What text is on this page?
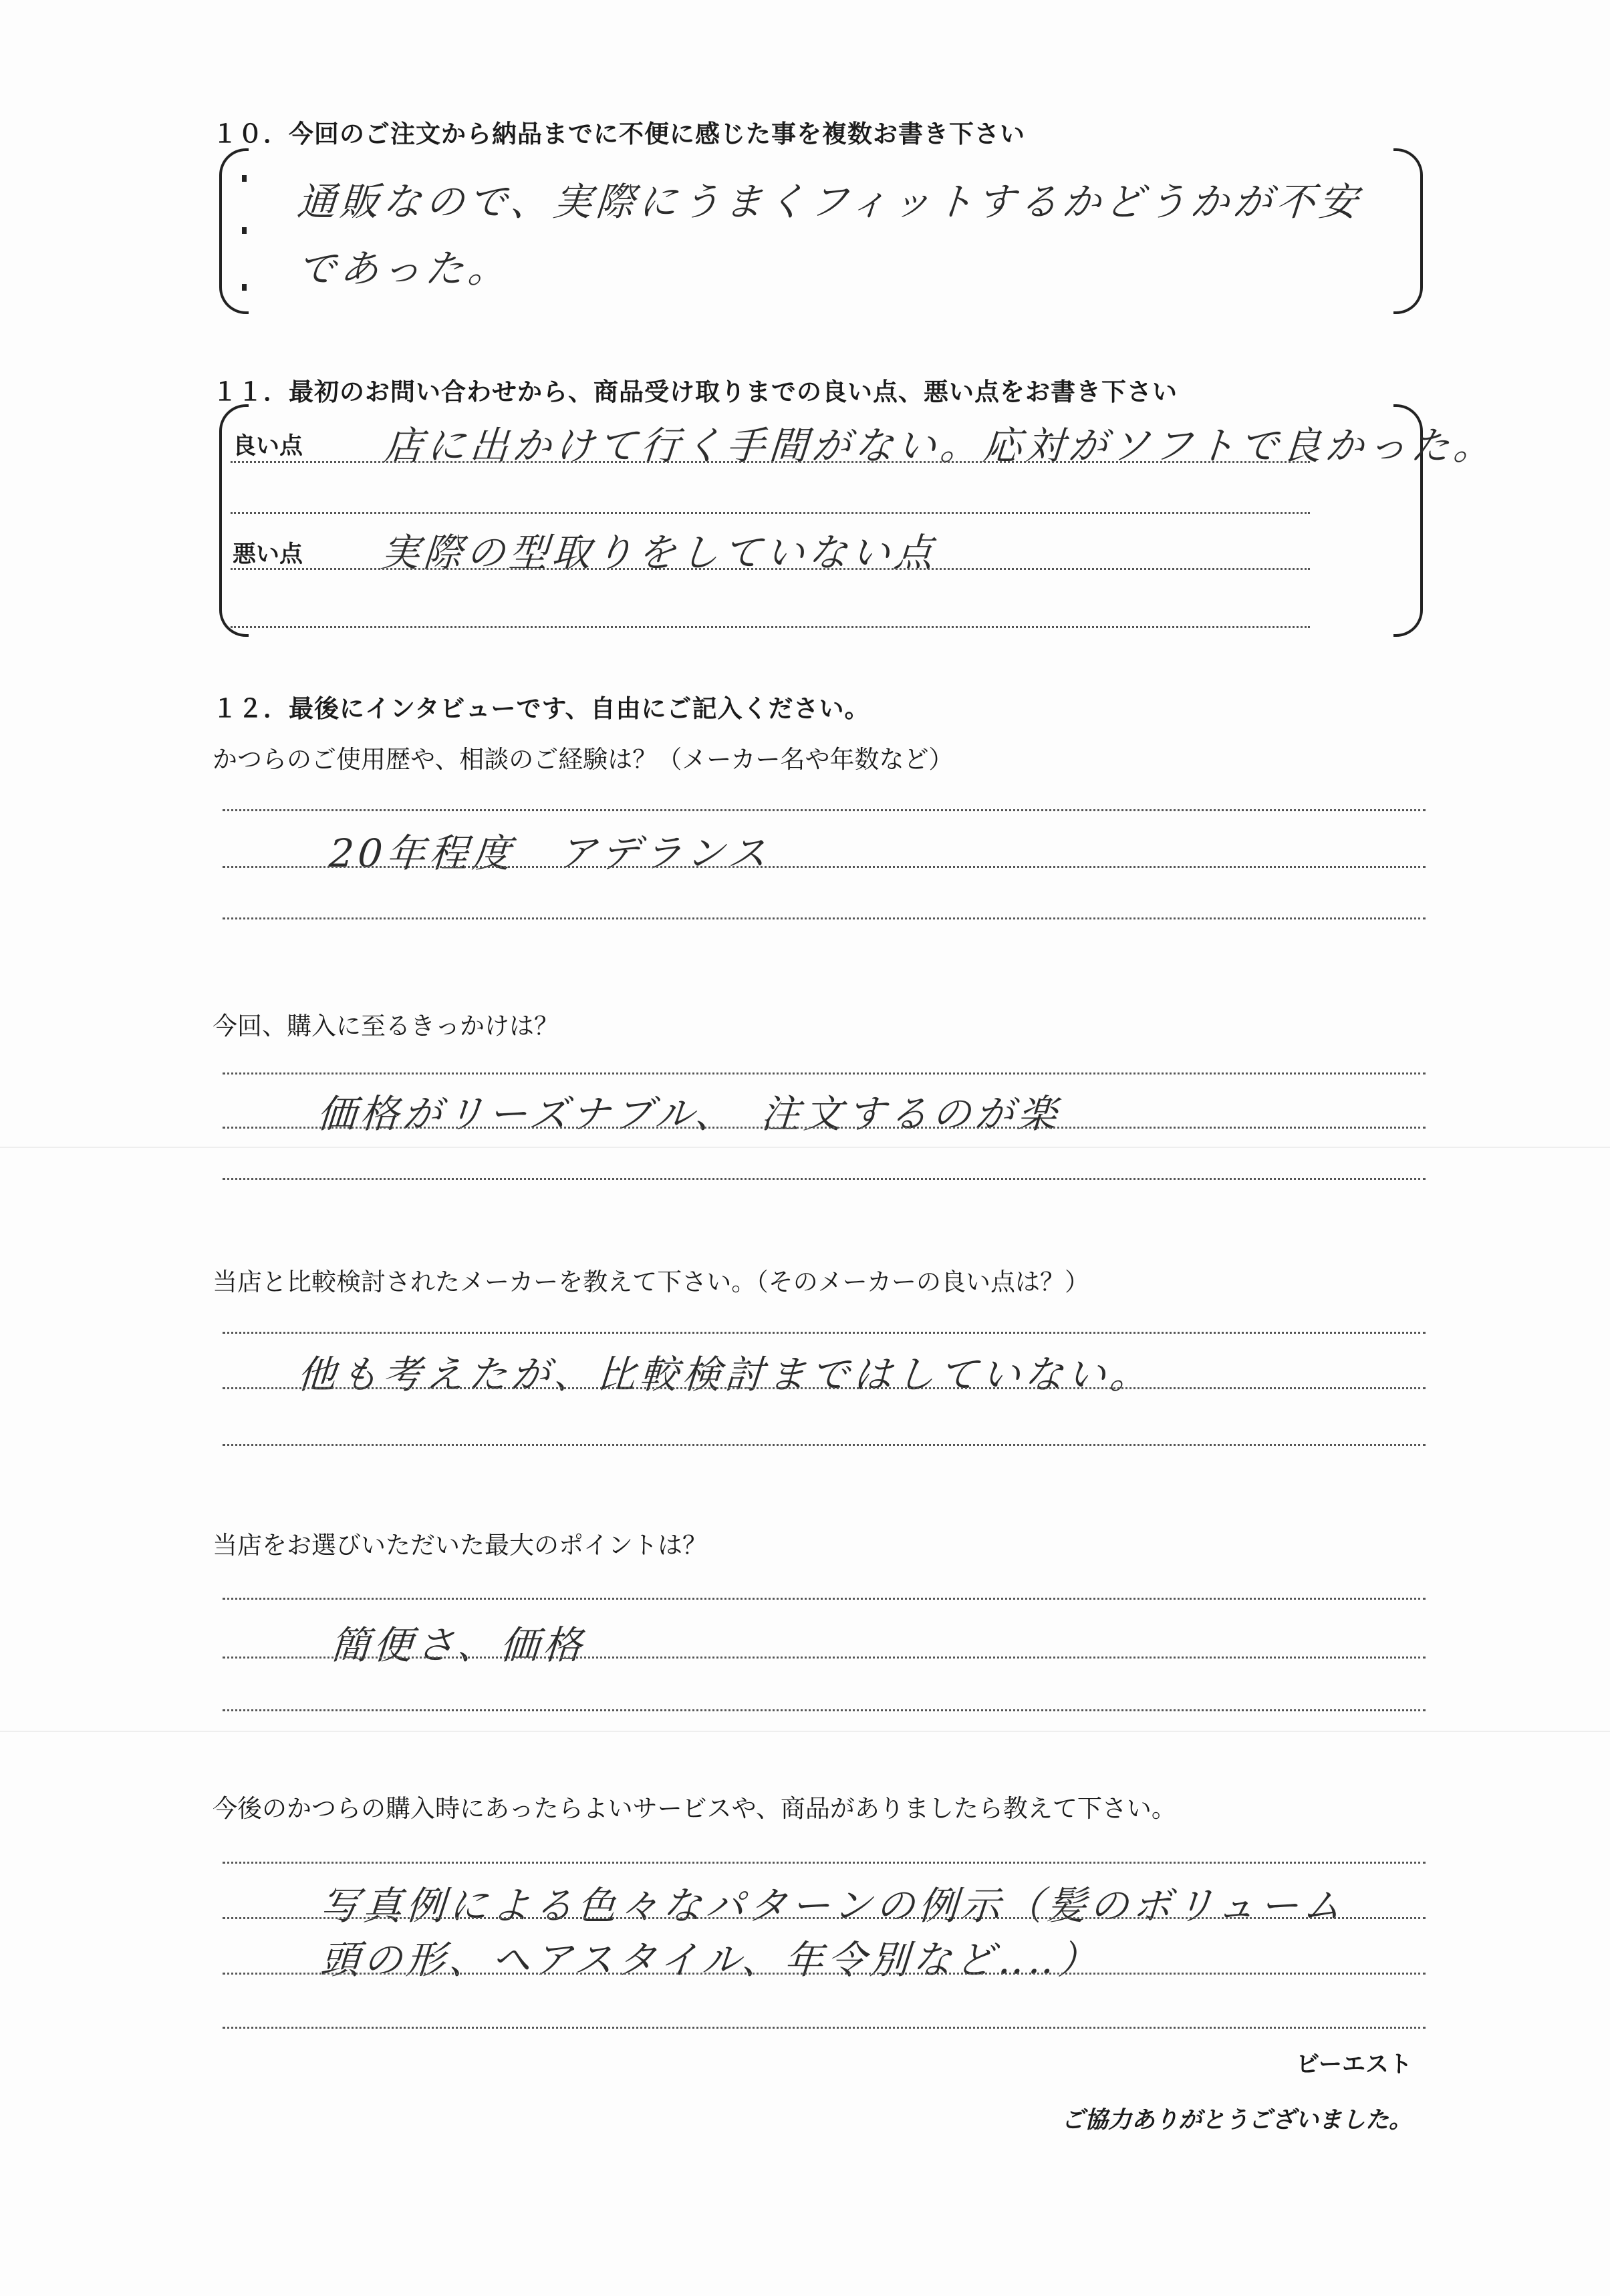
１０．今回のご注文から納品までに不便に感じた事を複数お書き下さい
通販なので、実際にうまくフィットするかどうかが不安
であった。
１１．最初のお問い合わせから、商品受け取りまでの良い点、悪い点をお書き下さい
良い点 店に出かけて行く手間がない。応対がソフトで良かった。
悪い点 実際の型取りをしていない点
１２．最後にインタビューです、自由にご記入ください。
かつらのご使用歴や、相談のご経験は？（メーカー名や年数など）
20年程度　アデランス
今回、購入に至るきっかけは？
価格がリーズナブル、　注文するのが楽
当店と比較検討されたメーカーを教えて下さい。（そのメーカーの良い点は？）
他も考えたが、比較検討まではしていない。
当店をお選びいただいた最大のポイントは？
簡便さ、価格
今後のかつらの購入時にあったらよいサービスや、商品がありましたら教えて下さい。
写真例による色々なパターンの例示（髪のボリューム
頭の形、ヘアスタイル、年令別など‥‥）
ビーエスト
ご協力ありがとうございました。
